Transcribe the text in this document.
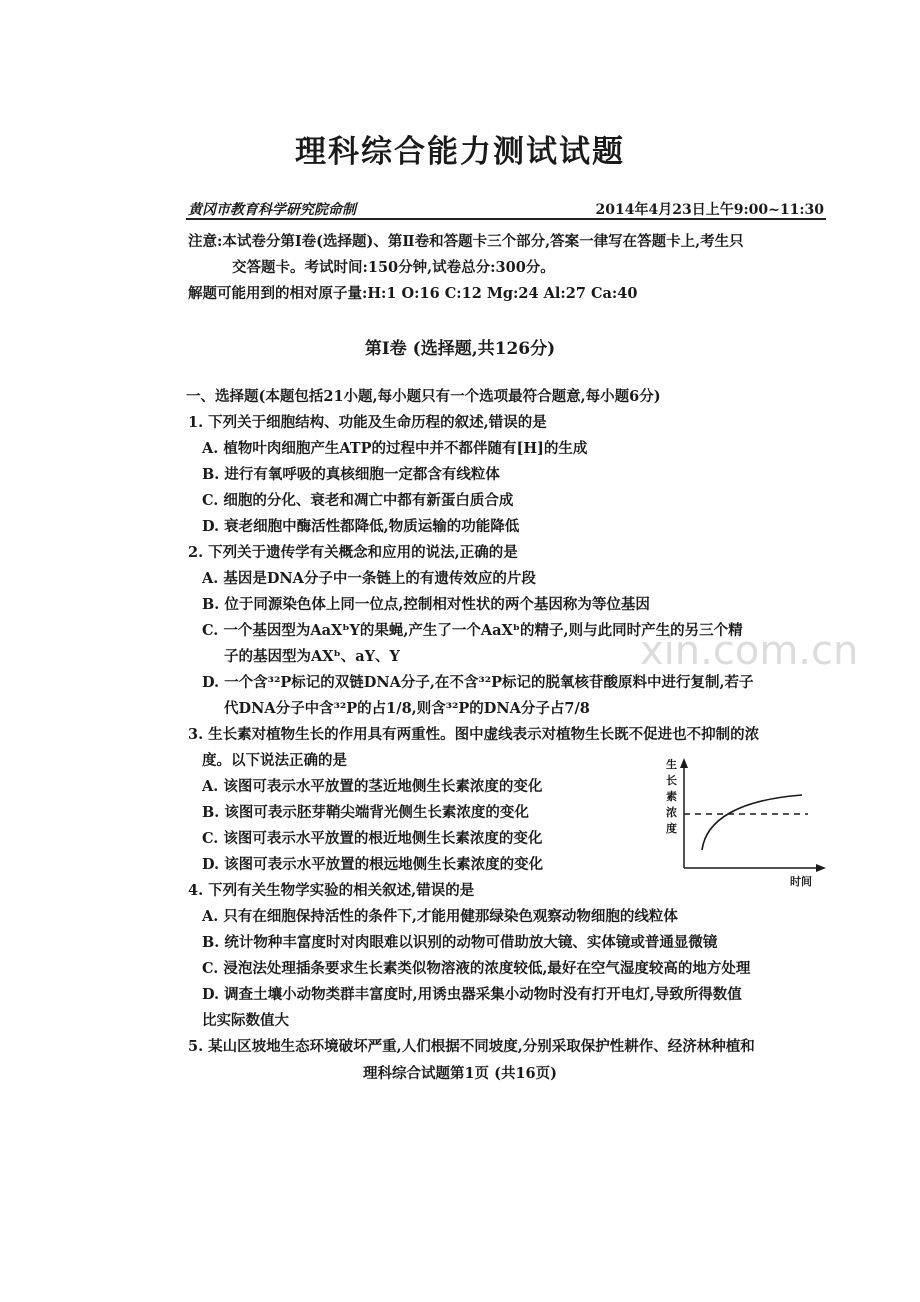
xin.com.cn
理科综合能力测试试题
黄冈市教育科学研究院命制	2014年4月23日上午9:00~11:30
注意:本试卷分第Ⅰ卷(选择题)、第Ⅱ卷和答题卡三个部分,答案一律写在答题卡上,考生只
交答题卡。考试时间:150分钟,试卷总分:300分。
解题可能用到的相对原子量:H:1 O:16 C:12 Mg:24 Al:27 Ca:40
第Ⅰ卷 (选择题,共126分)
一、选择题(本题包括21小题,每小题只有一个选项最符合题意,每小题6分)
1. 下列关于细胞结构、功能及生命历程的叙述,错误的是
A. 植物叶肉细胞产生ATP的过程中并不都伴随有[H]的生成
B. 进行有氧呼吸的真核细胞一定都含有线粒体
C. 细胞的分化、衰老和凋亡中都有新蛋白质合成
D. 衰老细胞中酶活性都降低,物质运输的功能降低
2. 下列关于遗传学有关概念和应用的说法,正确的是
A. 基因是DNA分子中一条链上的有遗传效应的片段
B. 位于同源染色体上同一位点,控制相对性状的两个基因称为等位基因
C. 一个基因型为AaXᵇY的果蝇,产生了一个AaXᵇ的精子,则与此同时产生的另三个精
子的基因型为AXᵇ、aY、Y
D. 一个含³²P标记的双链DNA分子,在不含³²P标记的脱氧核苷酸原料中进行复制,若子
代DNA分子中含³²P的占1/8,则含³²P的DNA分子占7/8
3. 生长素对植物生长的作用具有两重性。图中虚线表示对植物生长既不促进也不抑制的浓
度。以下说法正确的是
A. 该图可表示水平放置的茎近地侧生长素浓度的变化
B. 该图可表示胚芽鞘尖端背光侧生长素浓度的变化
C. 该图可表示水平放置的根近地侧生长素浓度的变化
D. 该图可表示水平放置的根远地侧生长素浓度的变化
生
长
素
浓
度
时间
4. 下列有关生物学实验的相关叙述,错误的是
A. 只有在细胞保持活性的条件下,才能用健那绿染色观察动物细胞的线粒体
B. 统计物种丰富度时对肉眼难以识别的动物可借助放大镜、实体镜或普通显微镜
C. 浸泡法处理插条要求生长素类似物溶液的浓度较低,最好在空气湿度较高的地方处理
D. 调查土壤小动物类群丰富度时,用诱虫器采集小动物时没有打开电灯,导致所得数值
比实际数值大
5. 某山区坡地生态环境破坏严重,人们根据不同坡度,分别采取保护性耕作、经济林种植和
理科综合试题第1页 (共16页)
